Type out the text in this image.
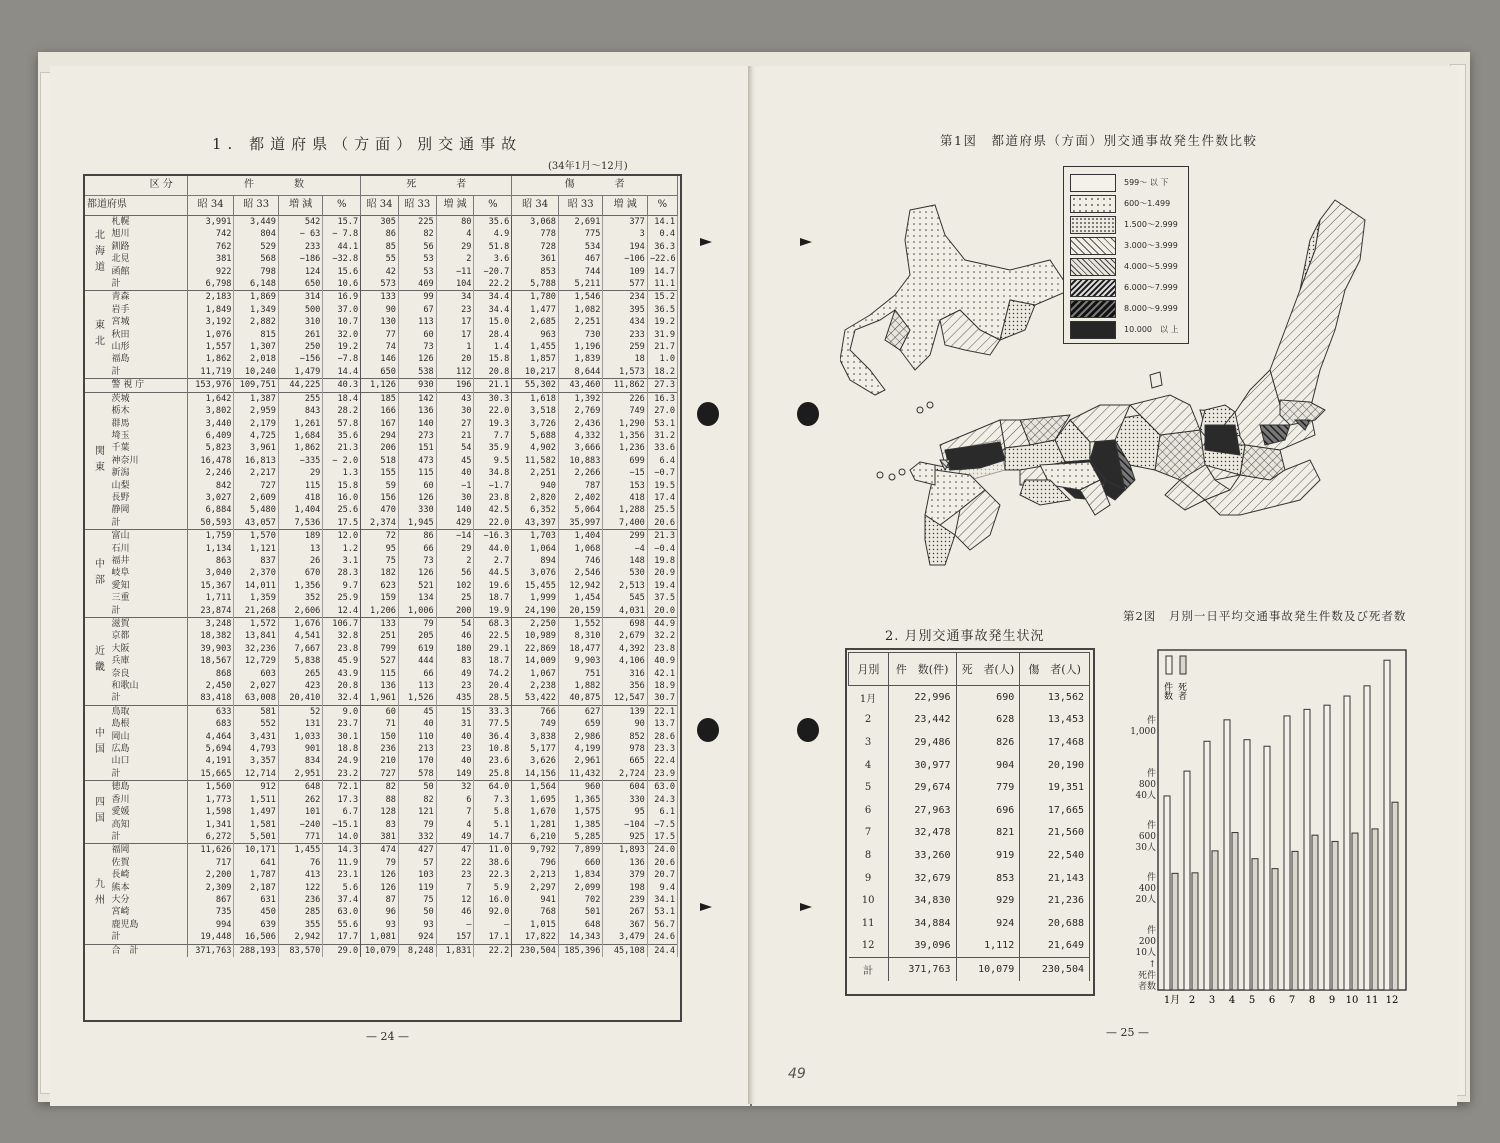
1. 都道府県（方面）別交通事故
(34年1月〜12月)
区 分		件　　　　数				死　　　　者				傷　　　　者			
都道府県		昭 34	昭 33	増 減	%	昭 34	昭 33	増 減	%	昭 34	昭 33	増 減	%
北海道	札幌	3,991	3,449	542	15.7	305	225	80	35.6	3,068	2,691	377	14.1
	旭川	742	804	− 63	− 7.8	86	82	4	4.9	778	775	3	0.4
	釧路	762	529	233	44.1	85	56	29	51.8	728	534	194	36.3
	北見	381	568	−186	−32.8	55	53	2	3.6	361	467	−106	−22.6
	函館	922	798	124	15.6	42	53	−11	−20.7	853	744	109	14.7
	計	6,798	6,148	650	10.6	573	469	104	22.2	5,788	5,211	577	11.1
東北	青森	2,183	1,869	314	16.9	133	99	34	34.4	1,780	1,546	234	15.2
	岩手	1,849	1,349	500	37.0	90	67	23	34.4	1,477	1,082	395	36.5
	宮城	3,192	2,882	310	10.7	130	113	17	15.0	2,685	2,251	434	19.2
	秋田	1,076	815	261	32.0	77	60	17	28.4	963	730	233	31.9
	山形	1,557	1,307	250	19.2	74	73	1	1.4	1,455	1,196	259	21.7
	福島	1,862	2,018	−156	−7.8	146	126	20	15.8	1,857	1,839	18	1.0
	計	11,719	10,240	1,479	14.4	650	538	112	20.8	10,217	8,644	1,573	18.2
	警 視 庁	153,976	109,751	44,225	40.3	1,126	930	196	21.1	55,302	43,460	11,862	27.3
関東	茨城	1,642	1,387	255	18.4	185	142	43	30.3	1,618	1,392	226	16.3
	栃木	3,802	2,959	843	28.2	166	136	30	22.0	3,518	2,769	749	27.0
	群馬	3,440	2,179	1,261	57.8	167	140	27	19.3	3,726	2,436	1,290	53.1
	埼玉	6,409	4,725	1,684	35.6	294	273	21	7.7	5,688	4,332	1,356	31.2
	千葉	5,823	3,961	1,862	21.3	206	151	54	35.9	4,902	3,666	1,236	33.6
	神奈川	16,478	16,813	−335	− 2.0	518	473	45	9.5	11,582	10,883	699	6.4
	新潟	2,246	2,217	29	1.3	155	115	40	34.8	2,251	2,266	−15	−0.7
	山梨	842	727	115	15.8	59	60	−1	−1.7	940	787	153	19.5
	長野	3,027	2,609	418	16.0	156	126	30	23.8	2,820	2,402	418	17.4
	静岡	6,884	5,480	1,404	25.6	470	330	140	42.5	6,352	5,064	1,288	25.5
	計	50,593	43,057	7,536	17.5	2,374	1,945	429	22.0	43,397	35,997	7,400	20.6
中部	富山	1,759	1,570	189	12.0	72	86	−14	−16.3	1,703	1,404	299	21.3
	石川	1,134	1,121	13	1.2	95	66	29	44.0	1,064	1,068	−4	−0.4
	福井	863	837	26	3.1	75	73	2	2.7	894	746	148	19.8
	岐阜	3,040	2,370	670	28.3	182	126	56	44.5	3,076	2,546	530	20.9
	愛知	15,367	14,011	1,356	9.7	623	521	102	19.6	15,455	12,942	2,513	19.4
	三重	1,711	1,359	352	25.9	159	134	25	18.7	1,999	1,454	545	37.5
	計	23,874	21,268	2,606	12.4	1,206	1,006	200	19.9	24,190	20,159	4,031	20.0
近畿	滋賀	3,248	1,572	1,676	106.7	133	79	54	68.3	2,250	1,552	698	44.9
	京都	18,382	13,841	4,541	32.8	251	205	46	22.5	10,989	8,310	2,679	32.2
	大阪	39,903	32,236	7,667	23.8	799	619	180	29.1	22,869	18,477	4,392	23.8
	兵庫	18,567	12,729	5,838	45.9	527	444	83	18.7	14,009	9,903	4,106	40.9
	奈良	868	603	265	43.9	115	66	49	74.2	1,067	751	316	42.1
	和歌山	2,450	2,027	423	20.8	136	113	23	20.4	2,238	1,882	356	18.9
	計	83,418	63,008	20,410	32.4	1,961	1,526	435	28.5	53,422	40,875	12,547	30.7
中国	鳥取	633	581	52	9.0	60	45	15	33.3	766	627	139	22.1
	島根	683	552	131	23.7	71	40	31	77.5	749	659	90	13.7
	岡山	4,464	3,431	1,033	30.1	150	110	40	36.4	3,838	2,986	852	28.6
	広島	5,694	4,793	901	18.8	236	213	23	10.8	5,177	4,199	978	23.3
	山口	4,191	3,357	834	24.9	210	170	40	23.6	3,626	2,961	665	22.4
	計	15,665	12,714	2,951	23.2	727	578	149	25.8	14,156	11,432	2,724	23.9
四国	徳島	1,560	912	648	72.1	82	50	32	64.0	1,564	960	604	63.0
	香川	1,773	1,511	262	17.3	88	82	6	7.3	1,695	1,365	330	24.3
	愛媛	1,598	1,497	101	6.7	128	121	7	5.8	1,670	1,575	95	6.1
	高知	1,341	1,581	−240	−15.1	83	79	4	5.1	1,281	1,385	−104	−7.5
	計	6,272	5,501	771	14.0	381	332	49	14.7	6,210	5,285	925	17.5
九州	福岡	11,626	10,171	1,455	14.3	474	427	47	11.0	9,792	7,899	1,893	24.0
	佐賀	717	641	76	11.9	79	57	22	38.6	796	660	136	20.6
	長崎	2,200	1,787	413	23.1	126	103	23	22.3	2,213	1,834	379	20.7
	熊本	2,309	2,187	122	5.6	126	119	7	5.9	2,297	2,099	198	9.4
	大分	867	631	236	37.4	87	75	12	16.0	941	702	239	34.1
	宮崎	735	450	285	63.0	96	50	46	92.0	768	501	267	53.1
	鹿児島	994	639	355	55.6	93	93	—	—	1,015	648	367	56.7
	計	19,448	16,506	2,942	17.7	1,081	924	157	17.1	17,822	14,343	3,479	24.6
	合　計	371,763	288,193	83,570	29.0	10,079	8,248	1,831	22.2	230,504	185,396	45,108	24.4
— 24 —
第1図　都道府県（方面）別交通事故発生件数比較
599〜 以 下
600〜1.499
1.500〜2.999
3.000〜3.999
4.000〜5.999
6.000〜7.999
8.000〜9.999
10.000　以 上
第2図　月別一日平均交通事故発生件数及び死者数
2. 月別交通事故発生状況
月別	件　数(件)	死　者(人)	傷　者(人)
1月	22,996	690	13,562
2	23,442	628	13,453
3	29,486	826	17,468
4	30,977	904	20,190
5	29,674	779	19,351
6	27,963	696	17,665
7	32,478	821	21,560
8	33,260	919	22,540
9	32,679	853	21,143
10	34,830	929	21,236
11	34,884	924	20,688
12	39,096	1,112	21,649
計	371,763	10,079	230,504
1月 2 3 4 5 6 7 8 9 10 11 12
件数 死者
件
1,000
件
800
40人
件
600
30人
件
400
20人
件
200
10人
↑
死件
者数
— 25 —
49
